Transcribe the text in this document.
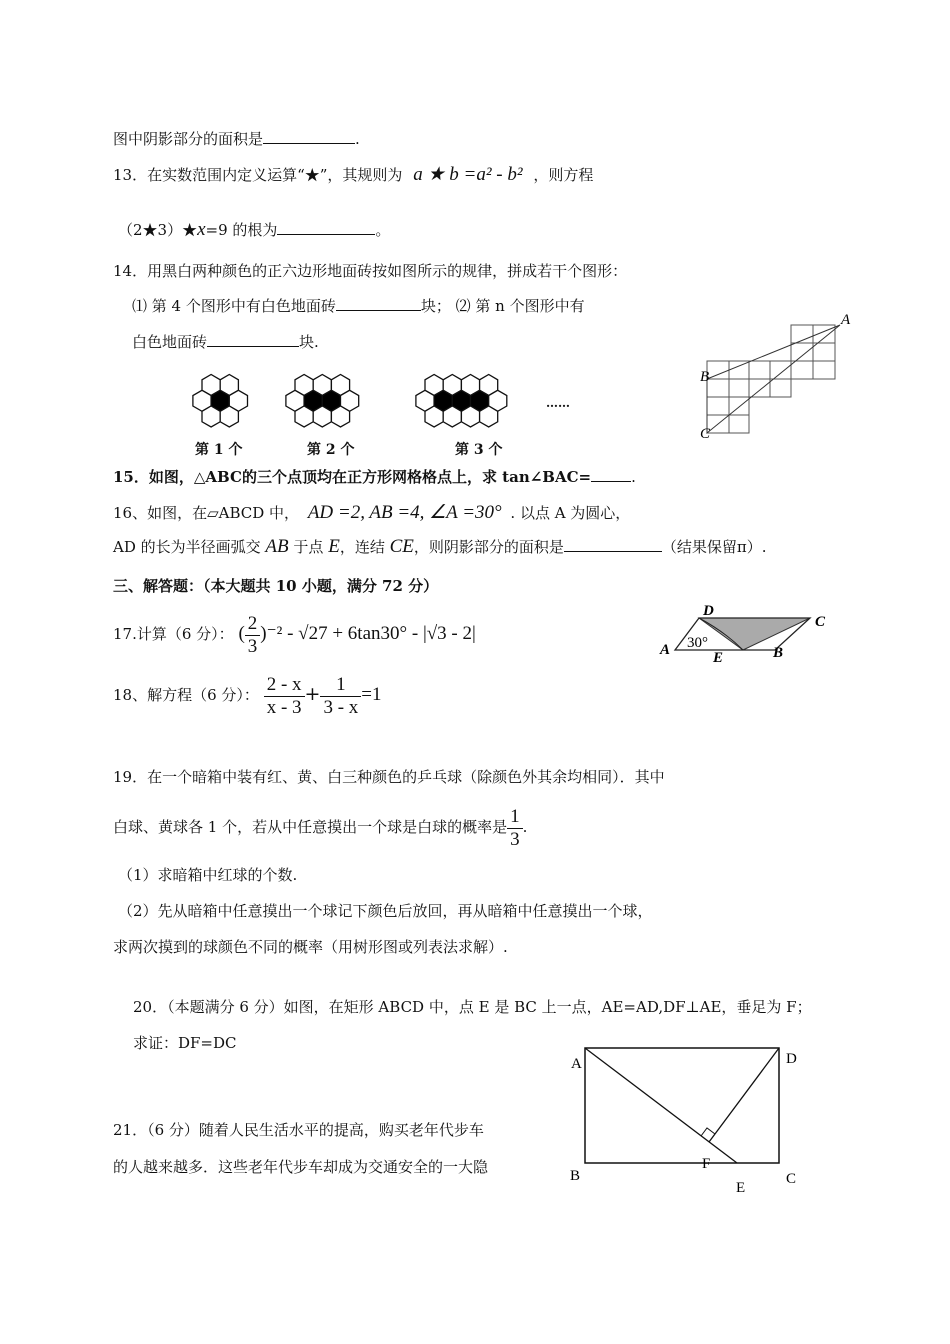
图中阴影部分的面积是	.
13．在实数范围内定义运算“★”，其规则为 a ★ b =a² - b² ，则方程
（2★3）★x=9 的根为	。
14．用黑白两种颜色的正六边形地面砖按如图所示的规律，拼成若干个图形：
⑴ 第 4 个图形中有白色地面砖	块； ⑵ 第 n 个图形中有
白色地面砖	块.
第 1 个	第 2 个	第 3 个
……
A
B
C
15．如图，△ABC的三个点顶均在正方形网格格点上，求 tan∠BAC=	.
16、如图，在▱ABCD 中， AD =2, AB =4, ∠A =30° . 以点 A 为圆心，
AD 的长为半径画弧交 AB 于点 E，连结 CE，则阴影部分的面积是	（结果保留π）.
三、解答题：（本大题共 10 小题，满分 72 分）
D
C
A	E	B
30°
17.计算（6 分）： ( $\frac{2}{3} )^{-2} - √27 + 6\tan 30^\circ - |√3 - 2|$
18、解方程（6 分）： $\frac{2 - x}{x - 3} + \frac{1}{3 - x} =1$
19．在一个暗箱中装有红、黄、白三种颜色的乒乓球（除颜色外其余均相同）．其中
白球、黄球各 1 个，若从中任意摸出一个球是白球的概率是 $\frac{1}{3}$ .
（1）求暗箱中红球的个数.
（2）先从暗箱中任意摸出一个球记下颜色后放回，再从暗箱中任意摸出一个球，
求两次摸到的球颜色不同的概率（用树形图或列表法求解）.
20．（本题满分 6 分）如图，在矩形 ABCD 中，点 E 是 BC 上一点，AE=AD,DF⊥AE，垂足为 F；
求证：DF=DC
A	D
B
F
E
C
21．（6 分）随着人民生活水平的提高，购买老年代步车
的人越来越多．这些老年代步车却成为交通安全的一大隐
